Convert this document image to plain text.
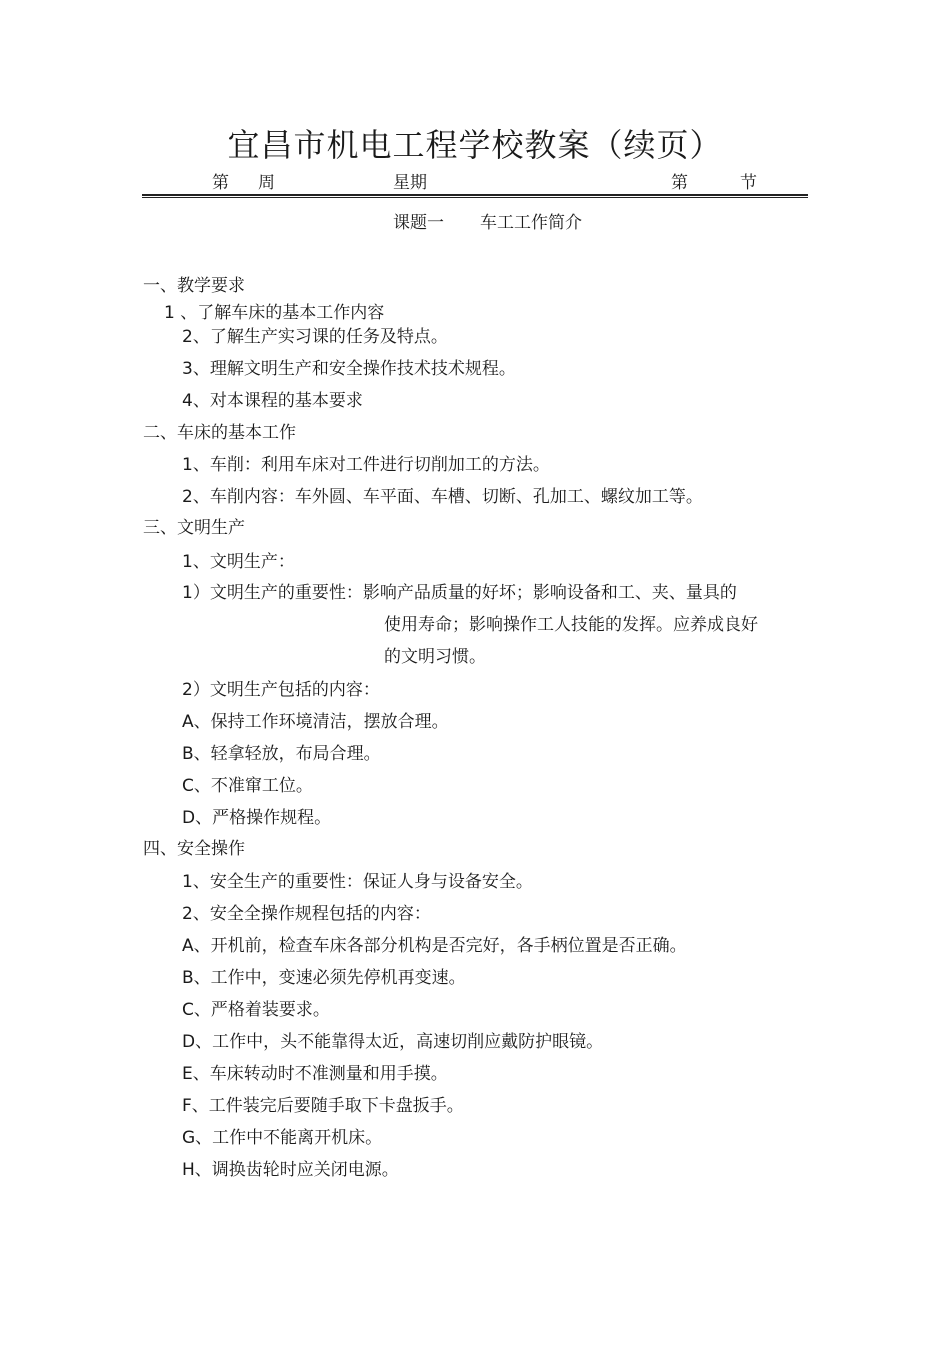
宜昌市机电工程学校教案（续页）
第 周	星期	第	节
课题一 车工工作简介
一、教学要求
1 、了解车床的基本工作内容
2、了解生产实习课的任务及特点。
3、理解文明生产和安全操作技术技术规程。
4、对本课程的基本要求
二、车床的基本工作
1、车削：利用车床对工件进行切削加工的方法。
2、车削内容：车外圆、车平面、车槽、切断、孔加工、螺纹加工等。
三、文明生产
1、文明生产：
1）文明生产的重要性：影响产品质量的好坏；影响设备和工、夹、量具的
使用寿命；影响操作工人技能的发挥。应养成良好
的文明习惯。
2）文明生产包括的内容：
A、保持工作环境清洁，摆放合理。
B、轻拿轻放，布局合理。
C、不准窜工位。
D、严格操作规程。
四、安全操作
1、安全生产的重要性：保证人身与设备安全。
2、安全全操作规程包括的内容：
A、开机前，检查车床各部分机构是否完好，各手柄位置是否正确。
B、工作中，变速必须先停机再变速。
C、严格着装要求。
D、工作中，头不能靠得太近，高速切削应戴防护眼镜。
E、车床转动时不准测量和用手摸。
F、工件装完后要随手取下卡盘扳手。
G、工作中不能离开机床。
H、调换齿轮时应关闭电源。
